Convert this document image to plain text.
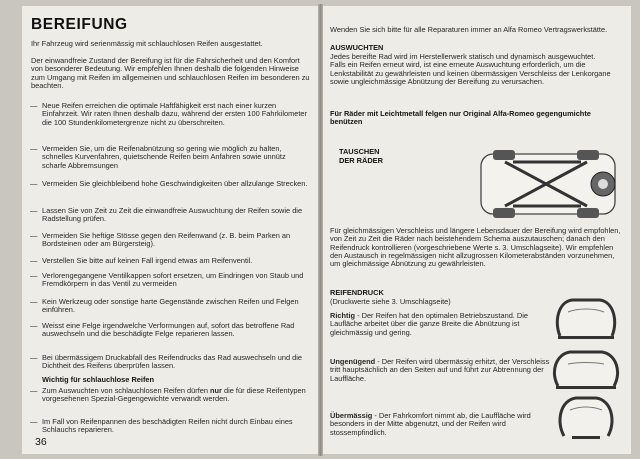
BEREIFUNG
Ihr Fahrzeug wird serienmässig mit schlauchlosen Reifen ausgestattet.
Der einwandfreie Zustand der Bereifung ist für die Fahrsicherheit und den Komfort von besonderer Bedeutung. Wir empfehlen Ihnen deshalb die folgenden Hinweise zum Umgang mit Reifen im allgemeinen und schlauchlosen Reifen im besonderen zu beachten.
— Neue Reifen erreichen die optimale Haftfähigkeit erst nach einer kurzen Einfahrzeit. Wir raten Ihnen deshalb dazu, während der ersten 100 Fahrkilometer die 100 Stundenkilometergrenze nicht zu überschreiten.
— Vermeiden Sie, um die Reifenabnützung so gering wie möglich zu halten, schnelles Kurvenfahren, quietschende Reifen beim Anfahren sowie unnütz scharfe Abbremsungen
— Vermeiden Sie gleichbleibend hohe Geschwindigkeiten über allzulange Strecken.
— Lassen Sie von Zeit zu Zeit die einwandfreie Auswuchtung der Reifen sowie die Radstellung prüfen.
— Vermeiden Sie heftige Stösse gegen den Reifenwand (z. B. beim Parken an Bordsteinen oder am Bürgersteig).
— Verstellen Sie bitte auf keinen Fall irgend etwas am Reifenventil.
— Verlorengegangene Ventilkappen sofort ersetzen, um Eindringen von Staub und Fremdkörpern in das Ventil zu vermeiden
— Kein Werkzeug oder sonstige harte Gegenstände zwischen Reifen und Felgen einführen.
— Weisst eine Felge irgendwelche Verformungen auf, sofort das betroffene Rad auswechseln und die beschädigte Felge reparieren lassen.
— Bei übermässigem Druckabfall des Reifendrucks das Rad auswechseln und die Dichtheit des Reifens überprüfen lassen.
Wichtig für schlauchlose Reifen
— Zum Auswuchten von schlauchlosen Reifen dürfen nur die für diese Reifentypen vorgesehenen Spezial-Gegengewichte verwandt werden.
— Im Fall von Reifenpannen des beschädigten Reifen nicht durch Einbau eines Schlauchs reparieren.
36
Wenden Sie sich bitte für alle Reparaturen immer an Alfa Romeo Vertragswerkstätte.
AUSWUCHTEN
Jedes bereifte Rad wird im Herstellerwerk statisch und dynamisch ausgewuchtet.
Falls ein Reifen erneut wird, ist eine erneute Auswuchtung erforderlich, um die Lenkstabilität zu gewährleisten und keinen übermässigen Verschleiss der Lenkorgane sowie ungleichmässige Abnützung der Bereifung zu verursachen.
Für Räder mit Leichtmetall felgen nur Original Alfa-Romeo gegengumichte benützen
TAUSCHEN
DER RÄDER
Für gleichmässigen Verschleiss und längere Lebensdauer der Bereifung wird empfohlen, von Zeit zu Zeit die Räder nach beistehendem Schema auszutauschen; danach den Reifendruck kontrollieren (vorgeschriebene Werte s. 3. Umschlagseite). Wir empfehlen den Austausch in regelmässigen nicht allzugrossen Kilometerabständen vorzunehmen, um gleichmässige Abnützung zu gewährleisten.
REIFENDRUCK
(Druckwerte siehe 3. Umschlagseite)
Richtig - Der Reifen hat den optimalen Betriebszustand. Die Laufläche arbeitet über die ganze Breite die Abnützung ist gleichmässig und gering.
Ungenügend - Der Reifen wird übermässig erhitzt, der Verschleiss tritt hauptsächlich an den Seiten auf und führt zur Abtrennung der Lauffläche.
Übermässig - Der Fahrkomfort nimmt ab, die Lauffläche wird besonders in der Mitte abgenutzt, und der Reifen wird stossempfindlich.
